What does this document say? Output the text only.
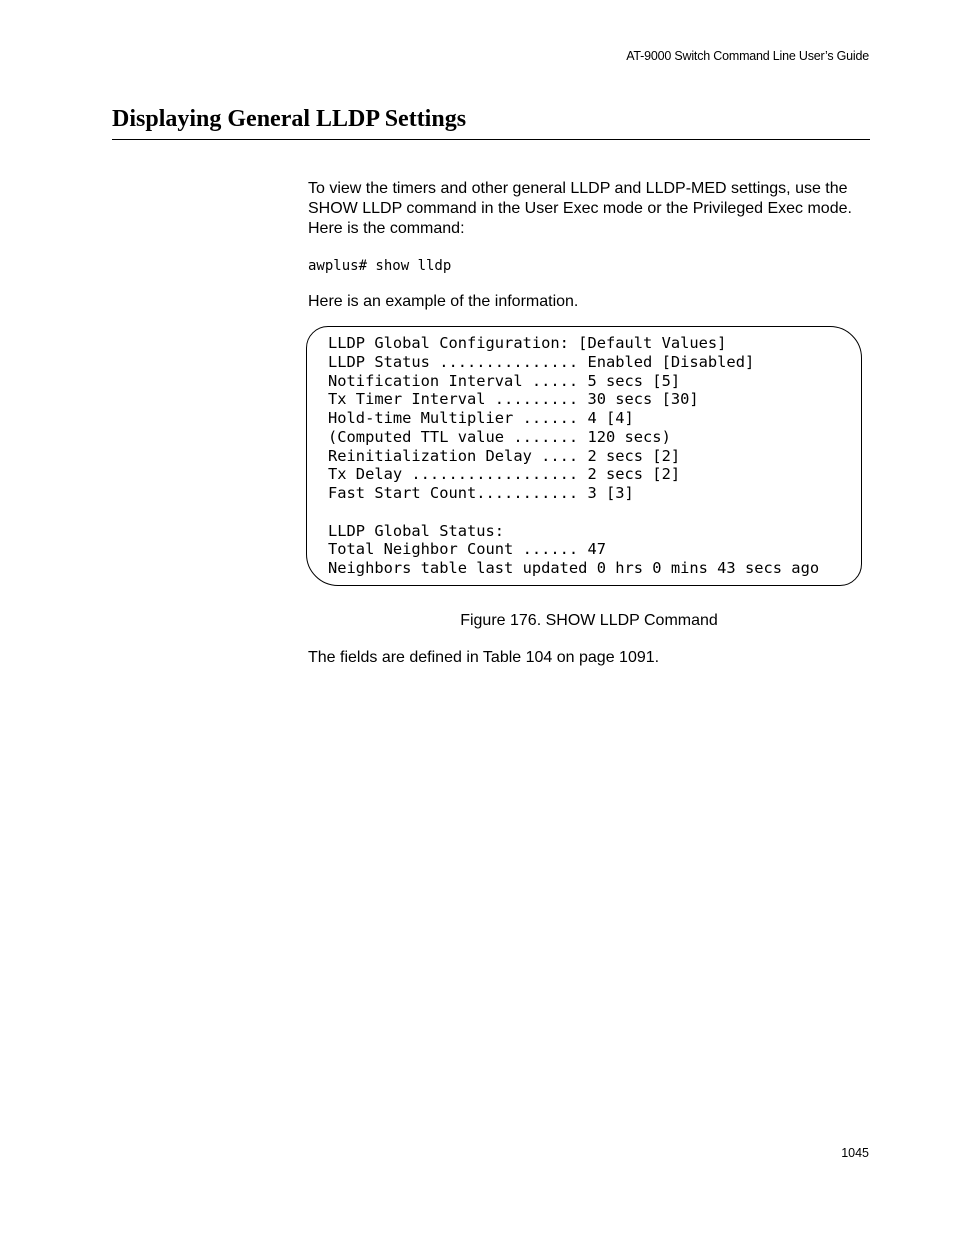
AT-9000 Switch Command Line User’s Guide
Displaying General LLDP Settings

To view the timers and other general LLDP and LLDP-MED settings, use the SHOW LLDP command in the User Exec mode or the Privileged Exec mode. Here is the command:

awplus# show lldp

Here is an example of the information.

LLDP Global Configuration: [Default Values]
LLDP Status ............... Enabled [Disabled]
Notification Interval ..... 5 secs [5]
Tx Timer Interval ......... 30 secs [30]
Hold-time Multiplier ...... 4 [4]
(Computed TTL value ....... 120 secs)
Reinitialization Delay .... 2 secs [2]
Tx Delay .................. 2 secs [2]
Fast Start Count........... 3 [3]

LLDP Global Status:
Total Neighbor Count ...... 47
Neighbors table last updated 0 hrs 0 mins 43 secs ago

Figure 176. SHOW LLDP Command

The fields are defined in Table 104 on page 1091.

1045
